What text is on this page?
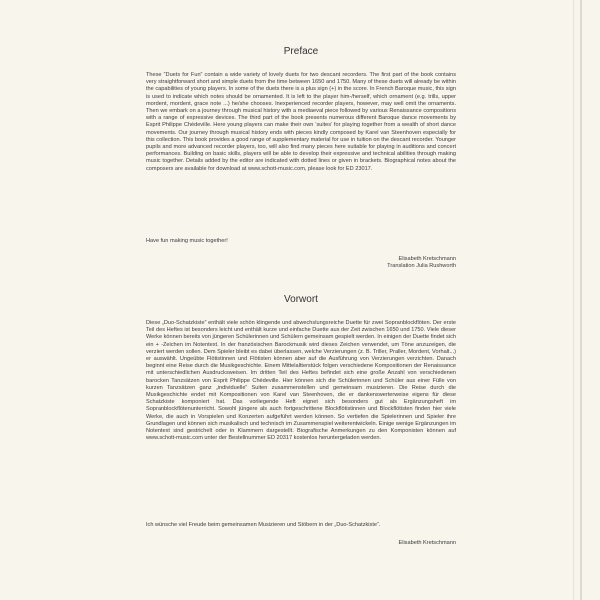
Preface

These “Duets for Fun” contain a wide variety of lovely duets for two descant recorders. The first part of the book contains very straightforward short and simple duets from the time between 1650 and 1750. Many of these duets will already be within the capabilities of young players. In some of the duets there is a plus sign (+) in the score. In French Baroque music, this sign is used to indicate which notes should be ornamented. It is left to the player him-/herself, which ornament (e.g. trills, upper mordent, mordent, grace note ...) he/she chooses. Inexperienced recorder players, however, may well omit the ornaments. Then we embark on a journey through musical history with a mediaeval piece followed by various Renaissance compositions with a range of expressive devices. The third part of the book presents numerous different Baroque dance movements by Esprit Philippe Chédeville. Here young players can make their own ‘suites’ for playing together from a wealth of short dance movements. Our journey through musical history ends with pieces kindly composed by Karel van Steenhoven especially for this collection. This book provides a good range of supplementary material for use in tuition on the descant recorder. Younger pupils and more advanced recorder players, too, will also find many pieces here suitable for playing in auditions and concert performances. Building on basic skills, players will be able to develop their expressive and technical abilities through making music together. Details added by the editor are indicated with dotted lines or given in brackets. Biographical notes about the composers are available for download at www.schott-music.com, please look for ED 23017.

Have fun making music together!

Elisabeth Kretschmann

Translation Julia Rushworth

Vorwort

Diese „Duo-Schatzkiste“ enthält viele schön klingende und abwechslungsreiche Duette für zwei Sopranblockflöten. Der erste Teil des Heftes ist besonders leicht und enthält kurze und einfache Duette aus der Zeit zwischen 1650 und 1750. Viele dieser Werke können bereits von jüngeren Schülerinnen und Schülern gemeinsam gespielt werden. In einigen der Duette findet sich ein + -Zeichen im Notentext. In der französischen Barockmusik wird dieses Zeichen verwendet, um Töne anzuzeigen, die verziert werden sollen. Dem Spieler bleibt es dabei überlassen, welche Verzierungen (z. B. Triller, Praller, Mordent, Vorhalt...) er auswählt. Ungeübte Flötistinnen und Flötisten können aber auf die Ausführung von Verzierungen verzichten. Danach beginnt eine Reise durch die Musikgeschichte. Einem Mittelaltterstück folgen verschiedene Kompositionen der Renaissance mit unterschiedlichen Ausdrucksweisen. Im dritten Teil des Heftes befindet sich eine große Anzahl von verschiedenen barocken Tanzsätzen von Esprit Philippe Chédeville. Hier können sich die Schülerinnen und Schüler aus einer Fülle von kurzen Tanzsätzen ganz „individuelle“ Suiten zusammenstellen und gemeinsam musizieren. Die Reise durch die Musikgeschichte endet mit Kompositionen von Karel van Steenhoven, die er dankenswerterweise eigens für diese Schatzkiste komponiert hat. Das vorliegende Heft eignet sich besonders gut als Ergänzungsheft im Sopranblockflötenunterricht. Sowohl jüngere als auch fortgeschrittene Blockflötistinnen und Blockflötisten finden hier viele Werke, die auch in Vorspielen und Konzerten aufgeführt werden können. So vertiefen die Spielerinnen und Spieler ihre Grundlagen und können sich musikalisch und technisch im Zusammenspiel weiterentwickeln. Einige wenige Ergänzungen im Notentext sind gestrichelt oder in Klammern dargestellt. Biografische Anmerkungen zu den Komponisten können auf www.schott-music.com unter der Bestellnummer ED 20317 kostenlos heruntergeladen werden.

Ich wünsche viel Freude beim gemeinsamen Musizieren und Stöbern in der „Duo-Schatzkiste“.

Elisabeth Kretschmann
